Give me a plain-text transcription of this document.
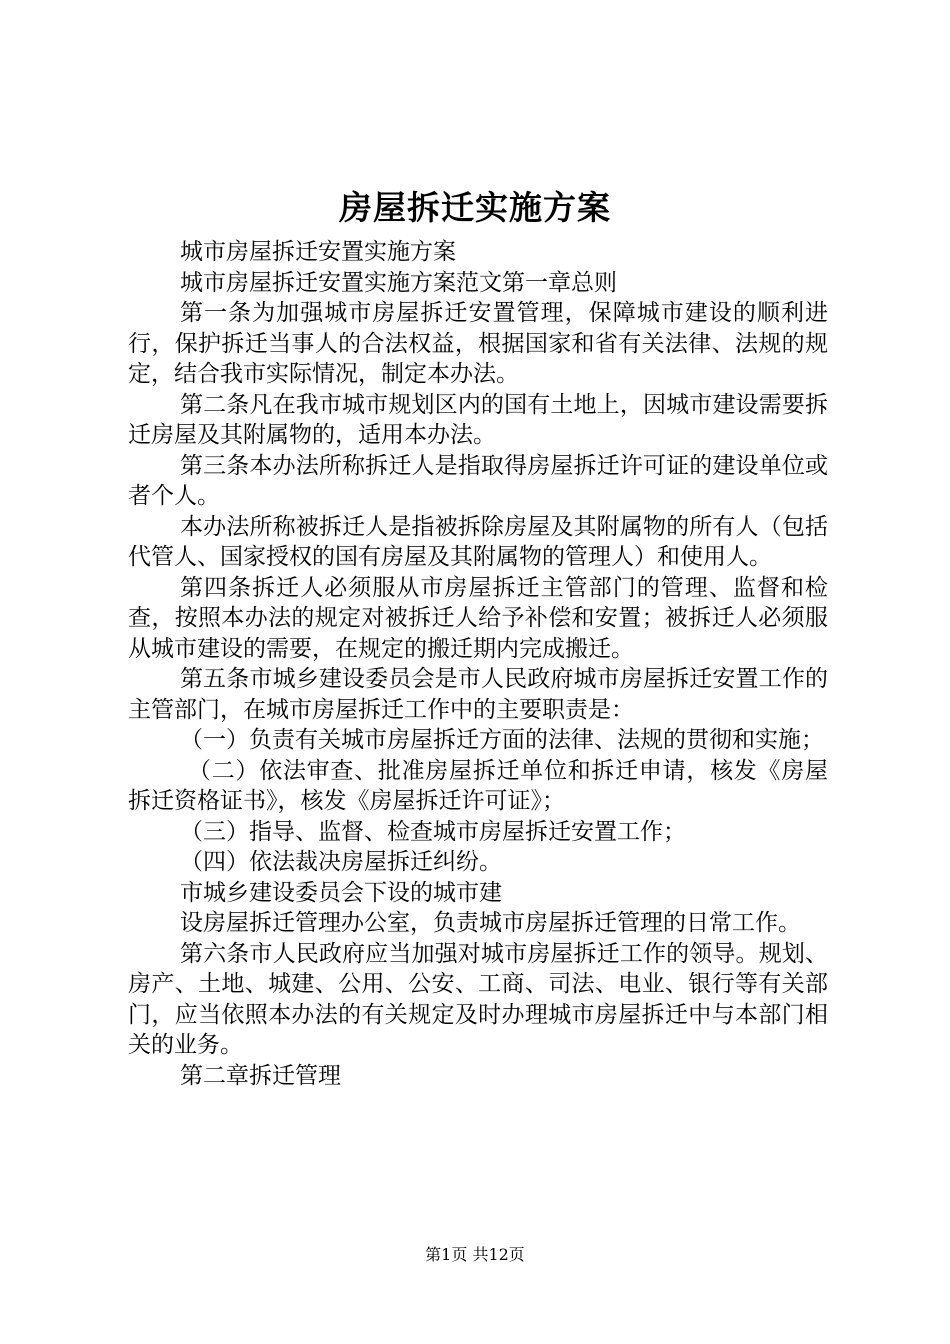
房屋拆迁实施方案

城市房屋拆迁安置实施方案

城市房屋拆迁安置实施方案范文第一章总则

第一条为加强城市房屋拆迁安置管理，保障城市建设的顺利进行，保护拆迁当事人的合法权益，根据国家和省有关法律、法规的规定，结合我市实际情况，制定本办法。

第二条凡在我市城市规划区内的国有土地上，因城市建设需要拆迁房屋及其附属物的，适用本办法。

第三条本办法所称拆迁人是指取得房屋拆迁许可证的建设单位或者个人。

本办法所称被拆迁人是指被拆除房屋及其附属物的所有人（包括代管人、国家授权的国有房屋及其附属物的管理人）和使用人。

第四条拆迁人必须服从市房屋拆迁主管部门的管理、监督和检查，按照本办法的规定对被拆迁人给予补偿和安置；被拆迁人必须服从城市建设的需要，在规定的搬迁期内完成搬迁。

第五条市城乡建设委员会是市人民政府城市房屋拆迁安置工作的主管部门，在城市房屋拆迁工作中的主要职责是：

（一）负责有关城市房屋拆迁方面的法律、法规的贯彻和实施；

（二）依法审查、批准房屋拆迁单位和拆迁申请，核发《房屋拆迁资格证书》，核发《房屋拆迁许可证》；

（三）指导、监督、检查城市房屋拆迁安置工作；

（四）依法裁决房屋拆迁纠纷。

市城乡建设委员会下设的城市建

设房屋拆迁管理办公室，负责城市房屋拆迁管理的日常工作。

第六条市人民政府应当加强对城市房屋拆迁工作的领导。规划、房产、土地、城建、公用、公安、工商、司法、电业、银行等有关部门，应当依照本办法的有关规定及时办理城市房屋拆迁中与本部门相关的业务。

第二章拆迁管理

第1页 共12页
